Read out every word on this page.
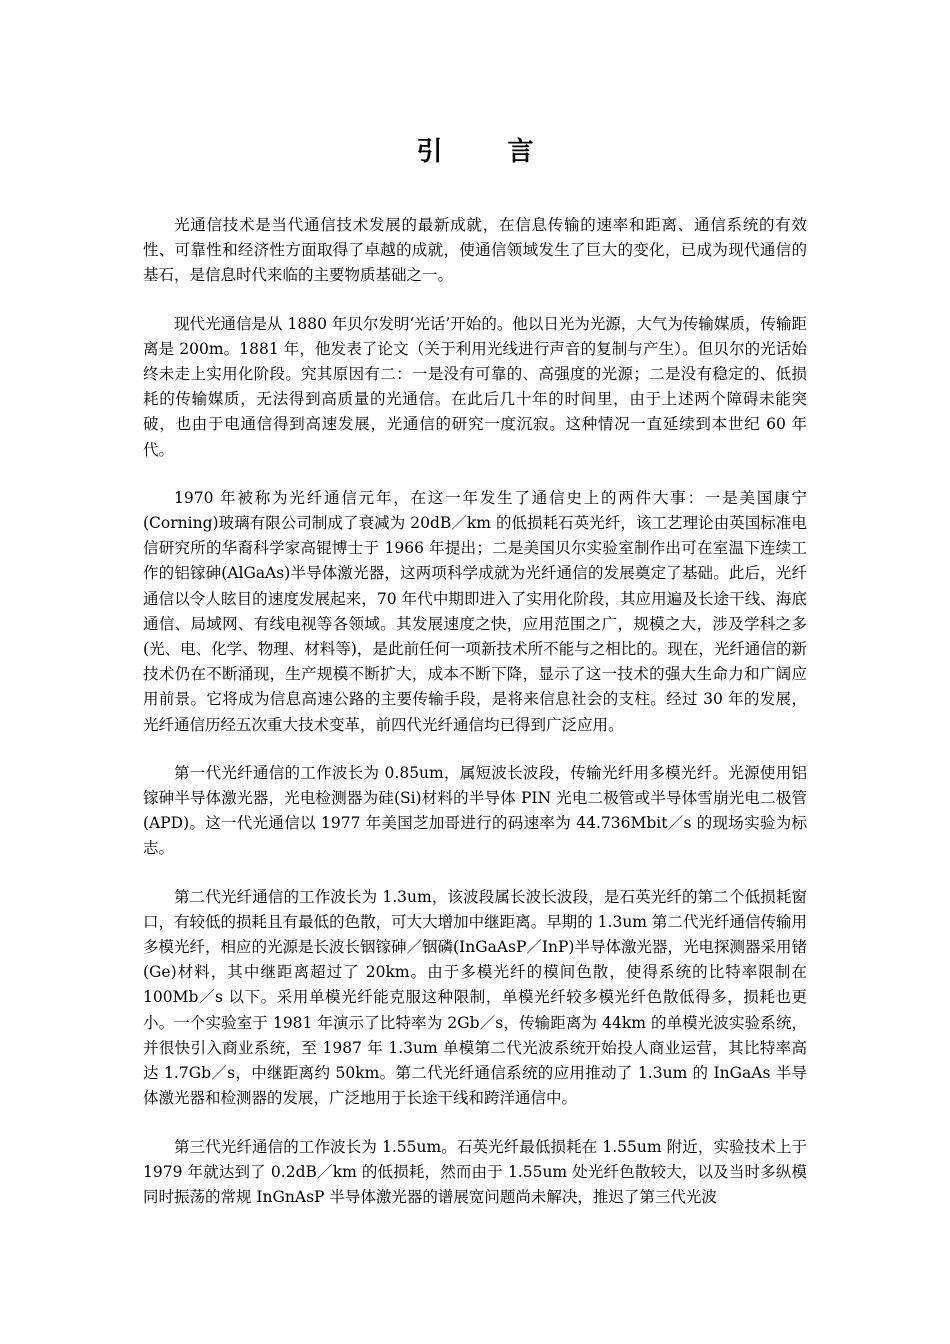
引 言

光通信技术是当代通信技术发展的最新成就，在信息传输的速率和距离、通信系统的有效性、可靠性和经济性方面取得了卓越的成就，使通信领域发生了巨大的变化，已成为现代通信的基石，是信息时代来临的主要物质基础之一。

现代光通信是从 1880 年贝尔发明‘光话’开始的。他以日光为光源，大气为传输媒质，传输距离是 200m。1881 年，他发表了论文（关于利用光线进行声音的复制与产生）。但贝尔的光话始终未走上实用化阶段。究其原因有二：一是没有可靠的、高强度的光源；二是没有稳定的、低损耗的传输媒质，无法得到高质量的光通信。在此后几十年的时间里，由于上述两个障碍未能突破，也由于电通信得到高速发展，光通信的研究一度沉寂。这种情况一直延续到本世纪 60 年代。

1970 年被称为光纤通信元年，在这一年发生了通信史上的两件大事：一是美国康宁(Corning)玻璃有限公司制成了衰减为 20dB／km 的低损耗石英光纤，该工艺理论由英国标准电信研究所的华裔科学家高锟博士于 1966 年提出；二是美国贝尔实验室制作出可在室温下连续工作的铝镓砷(AlGaAs)半导体激光器，这两项科学成就为光纤通信的发展奠定了基础。此后，光纤通信以令人眩目的速度发展起来，70 年代中期即进入了实用化阶段，其应用遍及长途干线、海底通信、局域网、有线电视等各领域。其发展速度之快，应用范围之广，规模之大，涉及学科之多(光、电、化学、物理、材料等)，是此前任何一项新技术所不能与之相比的。现在，光纤通信的新技术仍在不断涌现，生产规模不断扩大，成本不断下降，显示了这一技术的强大生命力和广阔应用前景。它将成为信息高速公路的主要传输手段，是将来信息社会的支柱。经过 30 年的发展，光纤通信历经五次重大技术变革，前四代光纤通信均已得到广泛应用。

第一代光纤通信的工作波长为 0.85um，属短波长波段，传输光纤用多模光纤。光源使用铝镓砷半导体激光器，光电检测器为硅(Si)材料的半导体 PIN 光电二极管或半导体雪崩光电二极管(APD)。这一代光通信以 1977 年美国芝加哥进行的码速率为 44.736Mbit／s 的现场实验为标志。

第二代光纤通信的工作波长为 1.3um，该波段属长波长波段，是石英光纤的第二个低损耗窗口，有较低的损耗且有最低的色散，可大大增加中继距离。早期的 1.3um 第二代光纤通信传输用多模光纤，相应的光源是长波长铟镓砷／铟磷(InGaAsP／InP)半导体激光器，光电探测器采用锗(Ge)材料，其中继距离超过了 20km。由于多模光纤的模间色散，使得系统的比特率限制在 100Mb／s 以下。采用单模光纤能克服这种限制，单模光纤较多模光纤色散低得多，损耗也更小。一个实验室于 1981 年演示了比特率为 2Gb／s，传输距离为 44km 的单模光波实验系统，并很快引入商业系统，至 1987 年 1.3um 单模第二代光波系统开始投人商业运营，其比特率高达 1.7Gb／s，中继距离约 50km。第二代光纤通信系统的应用推动了 1.3um 的 InGaAs 半导体激光器和检测器的发展，广泛地用于长途干线和跨洋通信中。

第三代光纤通信的工作波长为 1.55um。石英光纤最低损耗在 1.55um 附近，实验技术上于 1979 年就达到了 0.2dB／km 的低损耗，然而由于 1.55um 处光纤色散较大，以及当时多纵模同时振荡的常规 InGnAsP 半导体激光器的谱展宽问题尚未解决，推迟了第三代光波
